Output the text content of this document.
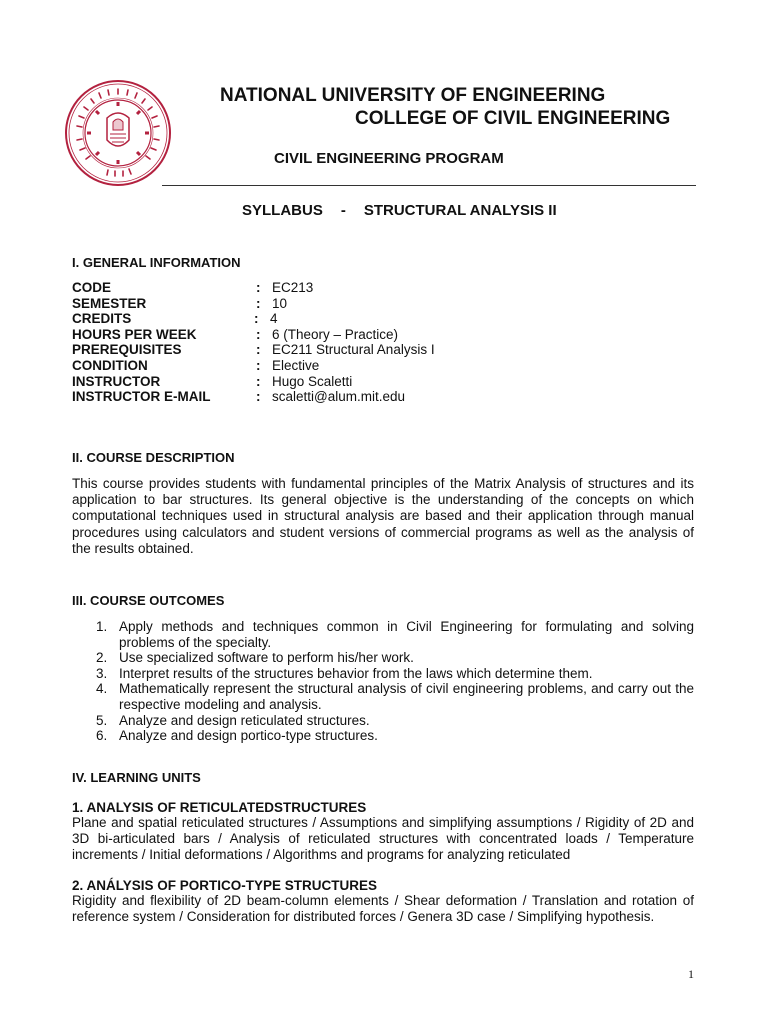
NATIONAL UNIVERSITY OF ENGINEERING
COLLEGE OF CIVIL ENGINEERING
CIVIL ENGINEERING PROGRAM
SYLLABUS - STRUCTURAL ANALYSIS II
I. GENERAL INFORMATION
CODE	: EC213
SEMESTER	: 10
CREDITS	: 4
HOURS PER WEEK	: 6 (Theory – Practice)
PREREQUISITES	: EC211 Structural Analysis I
CONDITION	: Elective
INSTRUCTOR	: Hugo Scaletti
INSTRUCTOR E-MAIL	: scaletti@alum.mit.edu
II. COURSE DESCRIPTION

This course provides students with fundamental principles of the Matrix Analysis of structures and its application to bar structures. Its general objective is the understanding of the concepts on which computational techniques used in structural analysis are based and their application through manual procedures using calculators and student versions of commercial programs as well as the analysis of the results obtained.

III. COURSE OUTCOMES
1. Apply methods and techniques common in Civil Engineering for formulating and solving problems of the specialty.
2. Use specialized software to perform his/her work.
3. Interpret results of the structures behavior from the laws which determine them.
4. Mathematically represent the structural analysis of civil engineering problems, and carry out the respective modeling and analysis.
5. Analyze and design reticulated structures.
6. Analyze and design portico-type structures.
IV. LEARNING UNITS
1. ANALYSIS OF RETICULATEDSTRUCTURES

Plane and spatial reticulated structures / Assumptions and simplifying assumptions / Rigidity of 2D and 3D bi-articulated bars / Analysis of reticulated structures with concentrated loads / Temperature increments / Initial deformations / Algorithms and programs for analyzing reticulated

2. ANÁLYSIS OF PORTICO-TYPE STRUCTURES

Rigidity and flexibility of 2D beam-column elements / Shear deformation / Translation and rotation of reference system / Consideration for distributed forces / Genera 3D case / Simplifying hypothesis.

1
